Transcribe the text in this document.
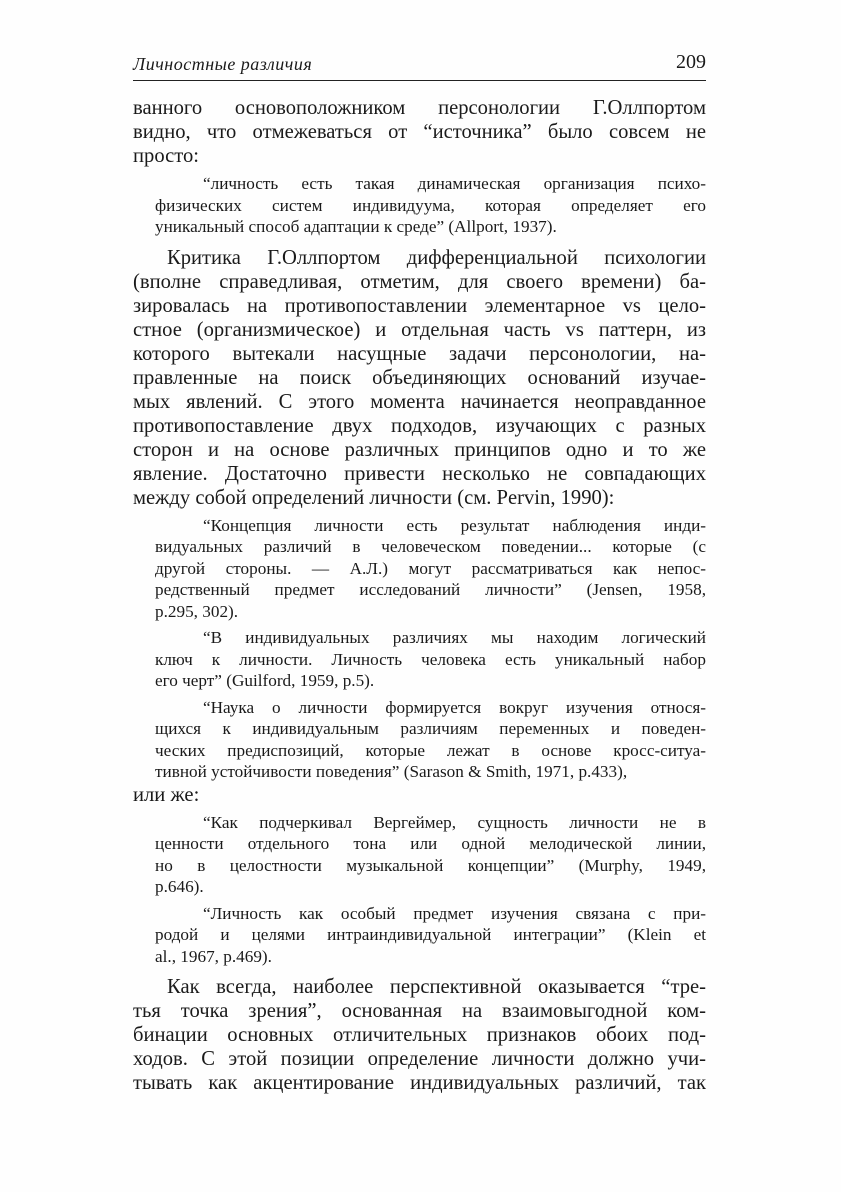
Личностные различия	209
ванного основоположником персонологии Г.Оллпортом
видно, что отмежеваться от “источника” было совсем не
просто:
“личность есть такая динамическая организация психо-
физических систем индивидуума, которая определяет его
уникальный способ адаптации к среде” (Allport, 1937).
Критика Г.Оллпортом дифференциальной психологии
(вполне справедливая, отметим, для своего времени) ба-
зировалась на противопоставлении элементарное vs цело-
стное (организмическое) и отдельная часть vs паттерн, из
которого вытекали насущные задачи персонологии, на-
правленные на поиск объединяющих оснований изучае-
мых явлений. С этого момента начинается неоправданное
противопоставление двух подходов, изучающих с разных
сторон и на основе различных принципов одно и то же
явление. Достаточно привести несколько не совпадающих
между собой определений личности (см. Pervin, 1990):
“Концепция личности есть результат наблюдения инди-
видуальных различий в человеческом поведении... которые (с
другой стороны. — А.Л.) могут рассматриваться как непос-
редственный предмет исследований личности” (Jensen, 1958,
p.295, 302).
“В индивидуальных различиях мы находим логический
ключ к личности. Личность человека есть уникальный набор
его черт” (Guilford, 1959, p.5).
“Наука о личности формируется вокруг изучения относя-
щихся к индивидуальным различиям переменных и поведен-
ческих предиспозиций, которые лежат в основе кросс-ситуа-
тивной устойчивости поведения” (Sarason & Smith, 1971, p.433),
или же:
“Как подчеркивал Вергеймер, сущность личности не в
ценности отдельного тона или одной мелодической линии,
но в целостности музыкальной концепции” (Murphy, 1949,
p.646).
“Личность как особый предмет изучения связана с при-
родой и целями интраиндивидуальной интеграции” (Klein et
al., 1967, p.469).
Как всегда, наиболее перспективной оказывается “тре-
тья точка зрения”, основанная на взаимовыгодной ком-
бинации основных отличительных признаков обоих под-
ходов. С этой позиции определение личности должно учи-
тывать как акцентирование индивидуальных различий, так
